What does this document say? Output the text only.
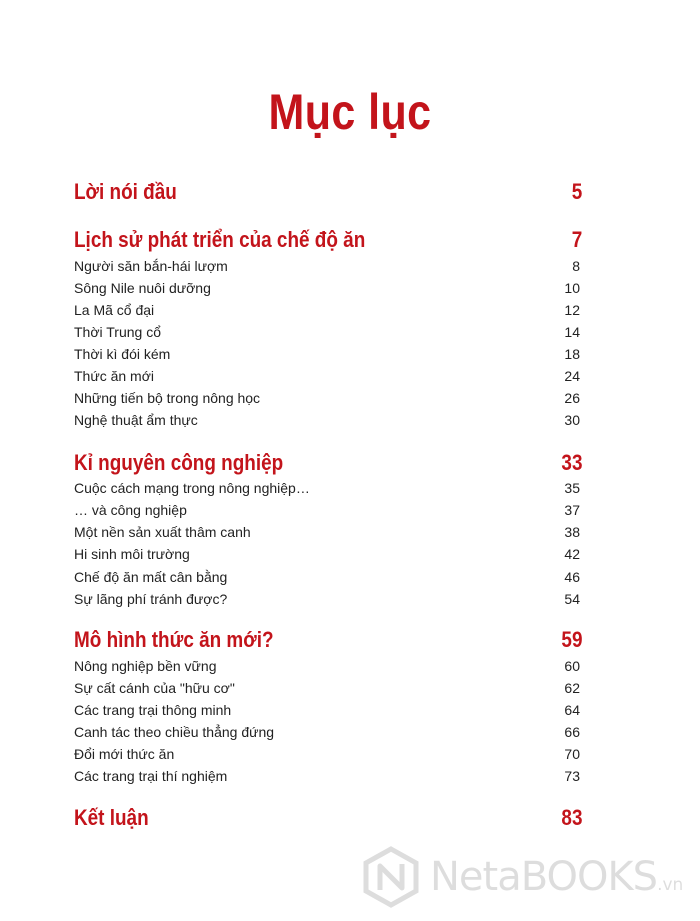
Mục lục
Lời nói đầu	5
Lịch sử phát triển của chế độ ăn	7
Người săn bắn-hái lượm	8
Sông Nile nuôi dưỡng	10
La Mã cổ đại	12
Thời Trung cổ	14
Thời kì đói kém	18
Thức ăn mới	24
Những tiến bộ trong nông học	26
Nghệ thuật ẩm thực	30
Kỉ nguyên công nghiệp	33
Cuộc cách mạng trong nông nghiệp…	35
… và công nghiệp	37
Một nền sản xuất thâm canh	38
Hi sinh môi trường	42
Chế độ ăn mất cân bằng	46
Sự lãng phí tránh được?	54
Mô hình thức ăn mới?	59
Nông nghiệp bền vững	60
Sự cất cánh của "hữu cơ"	62
Các trang trại thông minh	64
Canh tác theo chiều thẳng đứng	66
Đổi mới thức ăn	70
Các trang trại thí nghiệm	73
Kết luận	83
NetaBOOKS.vn
